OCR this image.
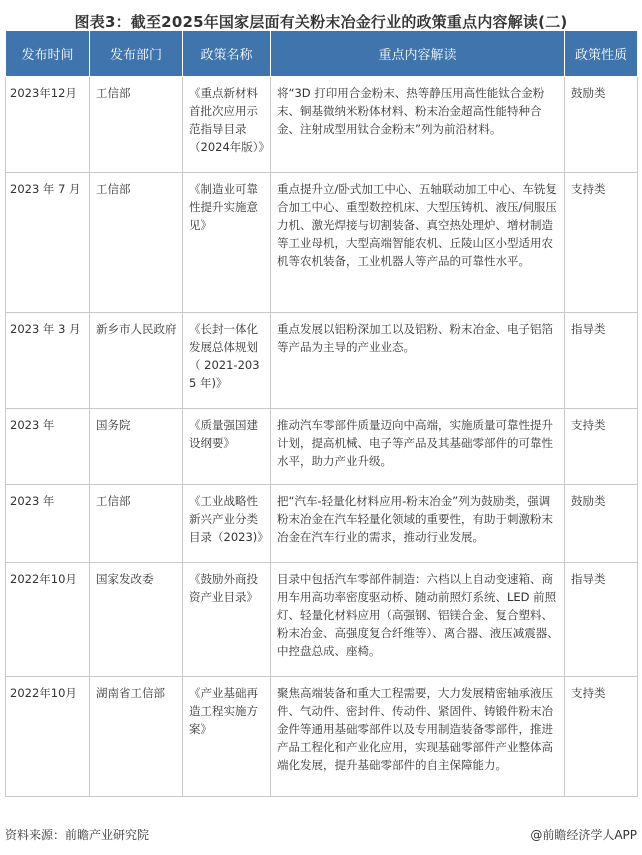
图表3：截至2025年国家层面有关粉末冶金行业的政策重点内容解读(二)
发布时间	发布部门	政策名称	重点内容解读	政策性质
2023年12月	工信部	《重点新材料首批次应用示范指导目录（2024年版）》	将“3D 打印用合金粉末、热等静压用高性能钛合金粉末、铜基微纳米粉体材料、粉末冶金超高性能特种合金、注射成型用钛合金粉末”列为前沿材料。	鼓励类
2023 年 7 月	工信部	《制造业可靠性提升实施意见》	重点提升立/卧式加工中心、五轴联动加工中心、车铣复合加工中心、重型数控机床、大型压铸机、液压/伺服压力机、激光焊接与切割装备、真空热处理炉、增材制造等工业母机，大型高端智能农机、丘陵山区小型适用农机等农机装备，工业机器人等产品的可靠性水平。	支持类
2023 年 3 月	新乡市人民政府	《长封一体化发展总体规划（ 2021-2035 年)》	重点发展以铝粉深加工以及铝粉、粉末冶金、电子铝箔等产品为主导的产业业态。	指导类
2023 年	国务院	《质量强国建设纲要》	推动汽车零部件质量迈向中高端，实施质量可靠性提升计划，提高机械、电子等产品及其基础零部件的可靠性水平，助力产业升级。	支持类
2023 年	工信部	《工业战略性新兴产业分类目录（2023)》	把“汽车-轻量化材料应用-粉末冶金”列为鼓励类，强调粉末冶金在汽车轻量化领域的重要性，有助于刺激粉末冶金在汽车行业的需求，推动行业发展。	鼓励类
2022年10月	国家发改委	《鼓励外商投资产业目录》	目录中包括汽车零部件制造：六档以上自动变速箱、商用车用高功率密度驱动桥、随动前照灯系统、LED 前照灯、轻量化材料应用（高强钢、铝镁合金、复合塑料、粉末冶金、高强度复合纤维等）、离合器、液压减震器、中控盘总成、座椅。	指导类
2022年10月	湖南省工信部	《产业基础再造工程实施方案》	聚焦高端装备和重大工程需要，大力发展精密轴承液压件、气动件、密封件、传动件、紧固件、铸锻件粉末冶金件等通用基础零部件以及专用制造装备零部件，推进产品工程化和产业化应用，实现基础零部件产业整体高端化发展，提升基础零部件的自主保障能力。	支持类
资料来源：前瞻产业研究院	@前瞻经济学人APP
